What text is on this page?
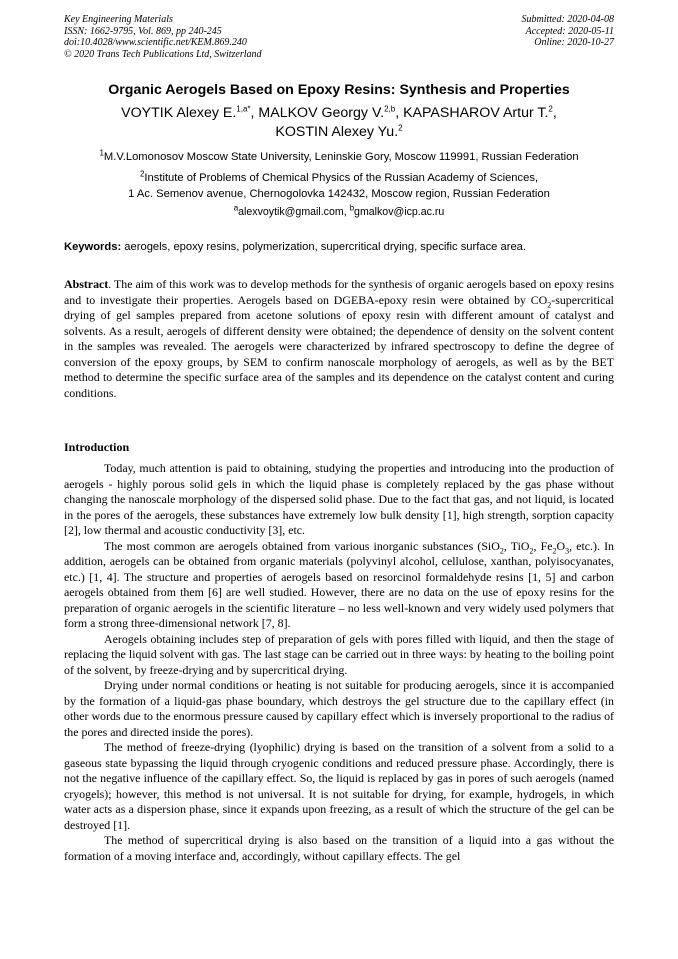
Key Engineering Materials
ISSN: 1662-9795, Vol. 869, pp 240-245
doi:10.4028/www.scientific.net/KEM.869.240
© 2020 Trans Tech Publications Ltd, Switzerland
Submitted: 2020-04-08
Accepted: 2020-05-11
Online: 2020-10-27
Organic Aerogels Based on Epoxy Resins: Synthesis and Properties
VOYTIK Alexey E.$^{1,a*}$, MALKOV Georgy V.$^{2,b}$, KAPASHAROV Artur T.$^2$,
KOSTIN Alexey Yu.$^2$
$^1$M.V.Lomonosov Moscow State University, Leninskie Gory, Moscow 119991, Russian Federation
$^2$Institute of Problems of Chemical Physics of the Russian Academy of Sciences,
1 Ac. Semenov avenue, Chernogolovka 142432, Moscow region, Russian Federation
$^a$alexvoytik@gmail.com, $^b$gmalkov@icp.ac.ru
Keywords: aerogels, epoxy resins, polymerization, supercritical drying, specific surface area.
Abstract. The aim of this work was to develop methods for the synthesis of organic aerogels based on epoxy resins and to investigate their properties. Aerogels based on DGEBA-epoxy resin were obtained by $CO_2$-supercritical drying of gel samples prepared from acetone solutions of epoxy resin with different amount of catalyst and solvents. As a result, aerogels of different density were obtained; the dependence of density on the solvent content in the samples was revealed. The aerogels were characterized by infrared spectroscopy to define the degree of conversion of the epoxy groups, by SEM to confirm nanoscale morphology of aerogels, as well as by the BET method to determine the specific surface area of the samples and its dependence on the catalyst content and curing conditions.
Introduction

Today, much attention is paid to obtaining, studying the properties and introducing into the production of aerogels - highly porous solid gels in which the liquid phase is completely replaced by the gas phase without changing the nanoscale morphology of the dispersed solid phase. Due to the fact that gas, and not liquid, is located in the pores of the aerogels, these substances have extremely low bulk density [1], high strength, sorption capacity [2], low thermal and acoustic conductivity [3], etc.

The most common are aerogels obtained from various inorganic substances (SiO$_2$, TiO$_2$, $Fe_2O_3$, etc.). In addition, aerogels can be obtained from organic materials (polyvinyl alcohol, cellulose, xanthan, polyisocyanates, etc.) [1, 4]. The structure and properties of aerogels based on resorcinol formaldehyde resins [1, 5] and carbon aerogels obtained from them [6] are well studied. However, there are no data on the use of epoxy resins for the preparation of organic aerogels in the scientific literature – no less well-known and very widely used polymers that form a strong three-dimensional network [7, 8].

Aerogels obtaining includes step of preparation of gels with pores filled with liquid, and then the stage of replacing the liquid solvent with gas. The last stage can be carried out in three ways: by heating to the boiling point of the solvent, by freeze-drying and by supercritical drying.

Drying under normal conditions or heating is not suitable for producing aerogels, since it is accompanied by the formation of a liquid-gas phase boundary, which destroys the gel structure due to the capillary effect (in other words due to the enormous pressure caused by capillary effect which is inversely proportional to the radius of the pores and directed inside the pores).

The method of freeze-drying (lyophilic) drying is based on the transition of a solvent from a solid to a gaseous state bypassing the liquid through cryogenic conditions and reduced pressure phase. Accordingly, there is not the negative influence of the capillary effect. So, the liquid is replaced by gas in pores of such aerogels (named cryogels); however, this method is not universal. It is not suitable for drying, for example, hydrogels, in which water acts as a dispersion phase, since it expands upon freezing, as a result of which the structure of the gel can be destroyed [1].

The method of supercritical drying is also based on the transition of a liquid into a gas without the formation of a moving interface and, accordingly, without capillary effects. The gel
